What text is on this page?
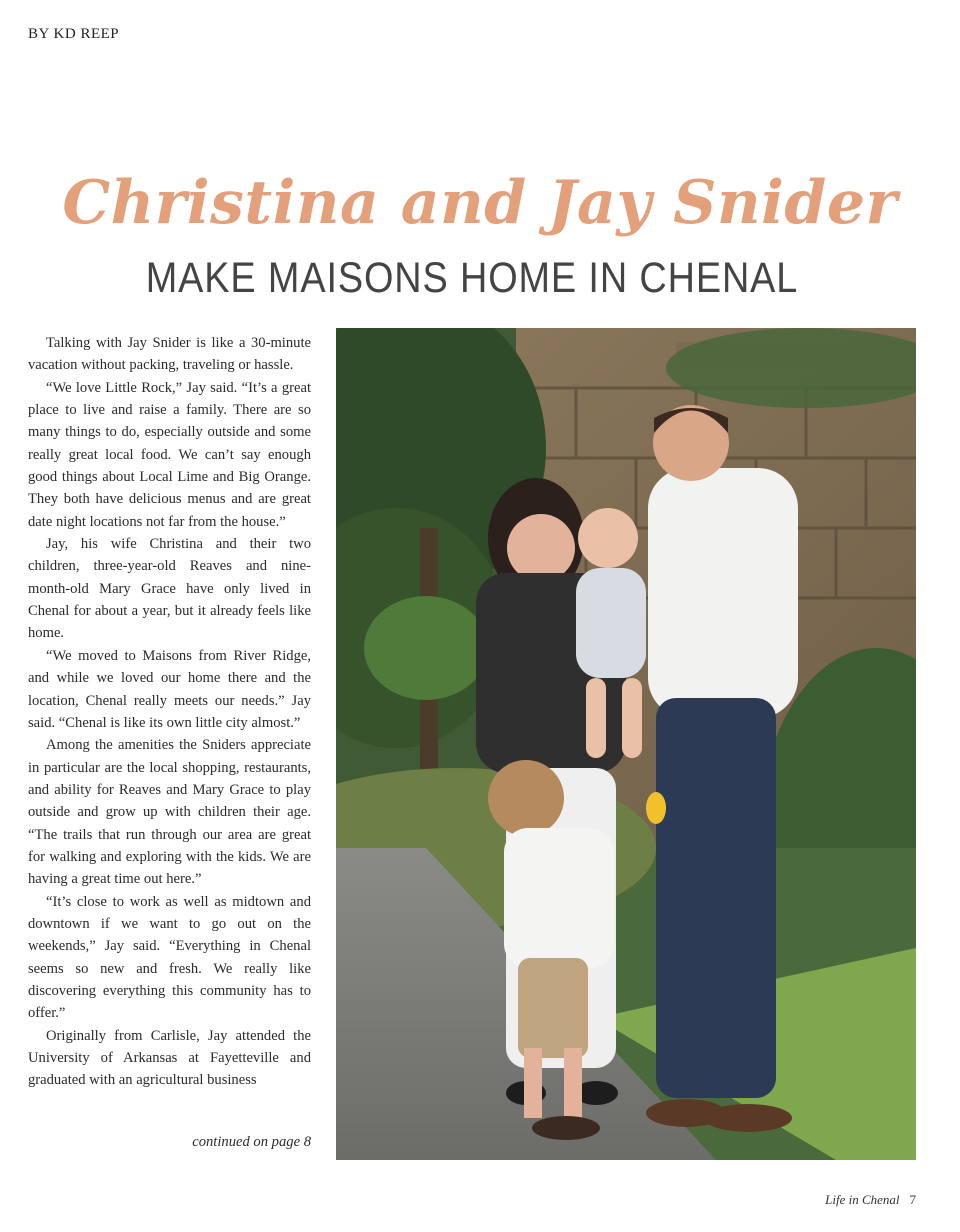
BY KD REEP
Christina and Jay Snider
MAKE MAISONS HOME IN CHENAL

Talking with Jay Snider is like a 30-minute vacation without packing, traveling or hassle.

“We love Little Rock,” Jay said. “It’s a great place to live and raise a family. There are so many things to do, especially outside and some really great local food. We can’t say enough good things about Local Lime and Big Orange. They both have delicious menus and are great date night locations not far from the house.”

Jay, his wife Christina and their two children, three-year-old Reaves and nine-month-old Mary Grace have only lived in Chenal for about a year, but it already feels like home.

“We moved to Maisons from River Ridge, and while we loved our home there and the location, Chenal really meets our needs.” Jay said. “Chenal is like its own little city almost.”

Among the amenities the Sniders appreciate in particular are the local shopping, restaurants, and ability for Reaves and Mary Grace to play outside and grow up with children their age. “The trails that run through our area are great for walking and exploring with the kids. We are having a great time out here.”

“It’s close to work as well as midtown and downtown if we want to go out on the weekends,” Jay said. “Everything in Chenal seems so new and fresh. We really like discovering everything this community has to offer.”

Originally from Carlisle, Jay attended the University of Arkansas at Fayetteville and graduated with an agricultural business

continued on page 8
Life in Chenal 7
